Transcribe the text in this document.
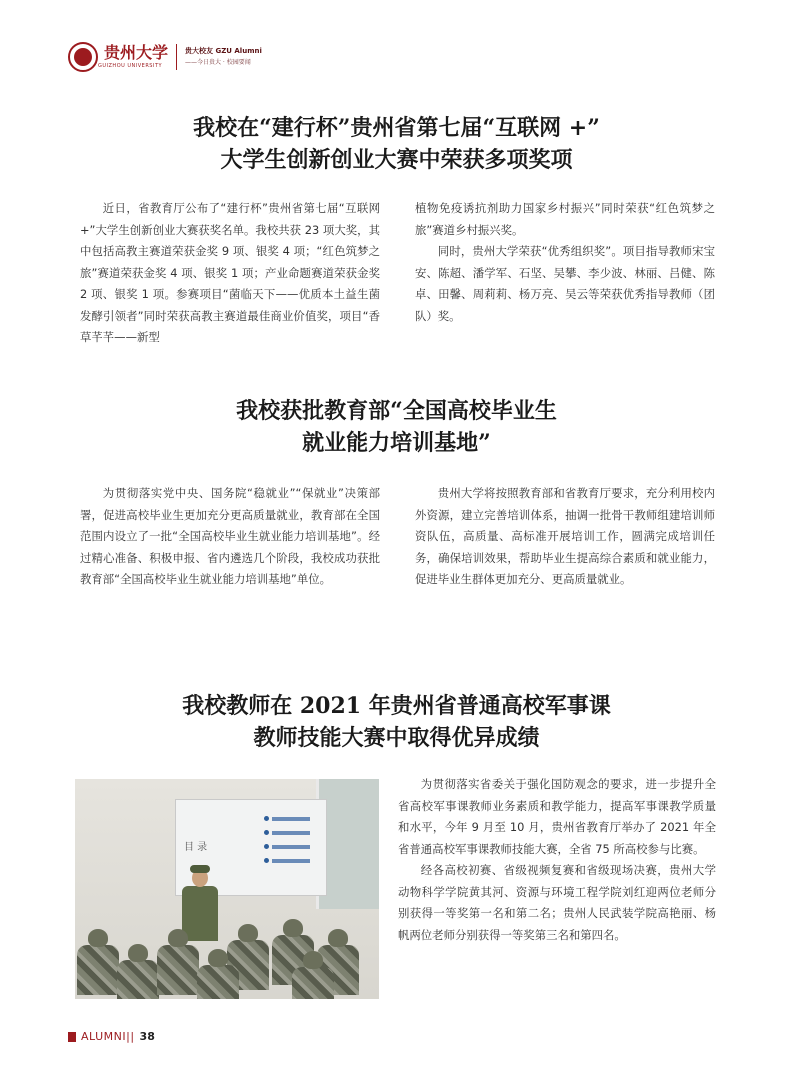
贵州大学
GUIZHOU UNIVERSITY
贵大校友 GZU Alumni
——今日贵大 · 校园要闻
我校在“建行杯”贵州省第七届“互联网 +”
大学生创新创业大赛中荣获多项奖项

近日，省教育厅公布了“建行杯”贵州省第七届“互联网 +”大学生创新创业大赛获奖名单。我校共获 23 项大奖，其中包括高教主赛道荣获金奖 9 项、银奖 4 项；“红色筑梦之旅”赛道荣获金奖 4 项、银奖 1 项；产业命题赛道荣获金奖 2 项、银奖 1 项。参赛项目“菌临天下——优质本土益生菌发酵引领者”同时荣获高教主赛道最佳商业价值奖，项目“香草芊芊——新型

植物免疫诱抗剂助力国家乡村振兴”同时荣获“红色筑梦之旅”赛道乡村振兴奖。

同时，贵州大学荣获“优秀组织奖”。项目指导教师宋宝安、陈超、潘学军、石坚、吴攀、李少波、林丽、吕健、陈卓、田馨、周莉莉、杨万亮、吴云等荣获优秀指导教师（团队）奖。

我校获批教育部“全国高校毕业生
就业能力培训基地”

为贯彻落实党中央、国务院“稳就业”“保就业”决策部署，促进高校毕业生更加充分更高质量就业，教育部在全国范围内设立了一批“全国高校毕业生就业能力培训基地”。经过精心准备、积极申报、省内遴选几个阶段，我校成功获批教育部“全国高校毕业生就业能力培训基地”单位。

贵州大学将按照教育部和省教育厅要求，充分利用校内外资源，建立完善培训体系，抽调一批骨干教师组建培训师资队伍，高质量、高标准开展培训工作，圆满完成培训任务，确保培训效果，帮助毕业生提高综合素质和就业能力，促进毕业生群体更加充分、更高质量就业。

我校教师在 2021 年贵州省普通高校军事课
教师技能大赛中取得优异成绩
目 录

为贯彻落实省委关于强化国防观念的要求，进一步提升全省高校军事课教师业务素质和教学能力，提高军事课教学质量和水平，今年 9 月至 10 月，贵州省教育厅举办了 2021 年全省普通高校军事课教师技能大赛，全省 75 所高校参与比赛。

经各高校初赛、省级视频复赛和省级现场决赛，贵州大学动物科学学院黄其河、资源与环境工程学院刘红迎两位老师分别获得一等奖第一名和第二名；贵州人民武装学院高艳丽、杨帆两位老师分别获得一等奖第三名和第四名。

ALUMNI|| 38
